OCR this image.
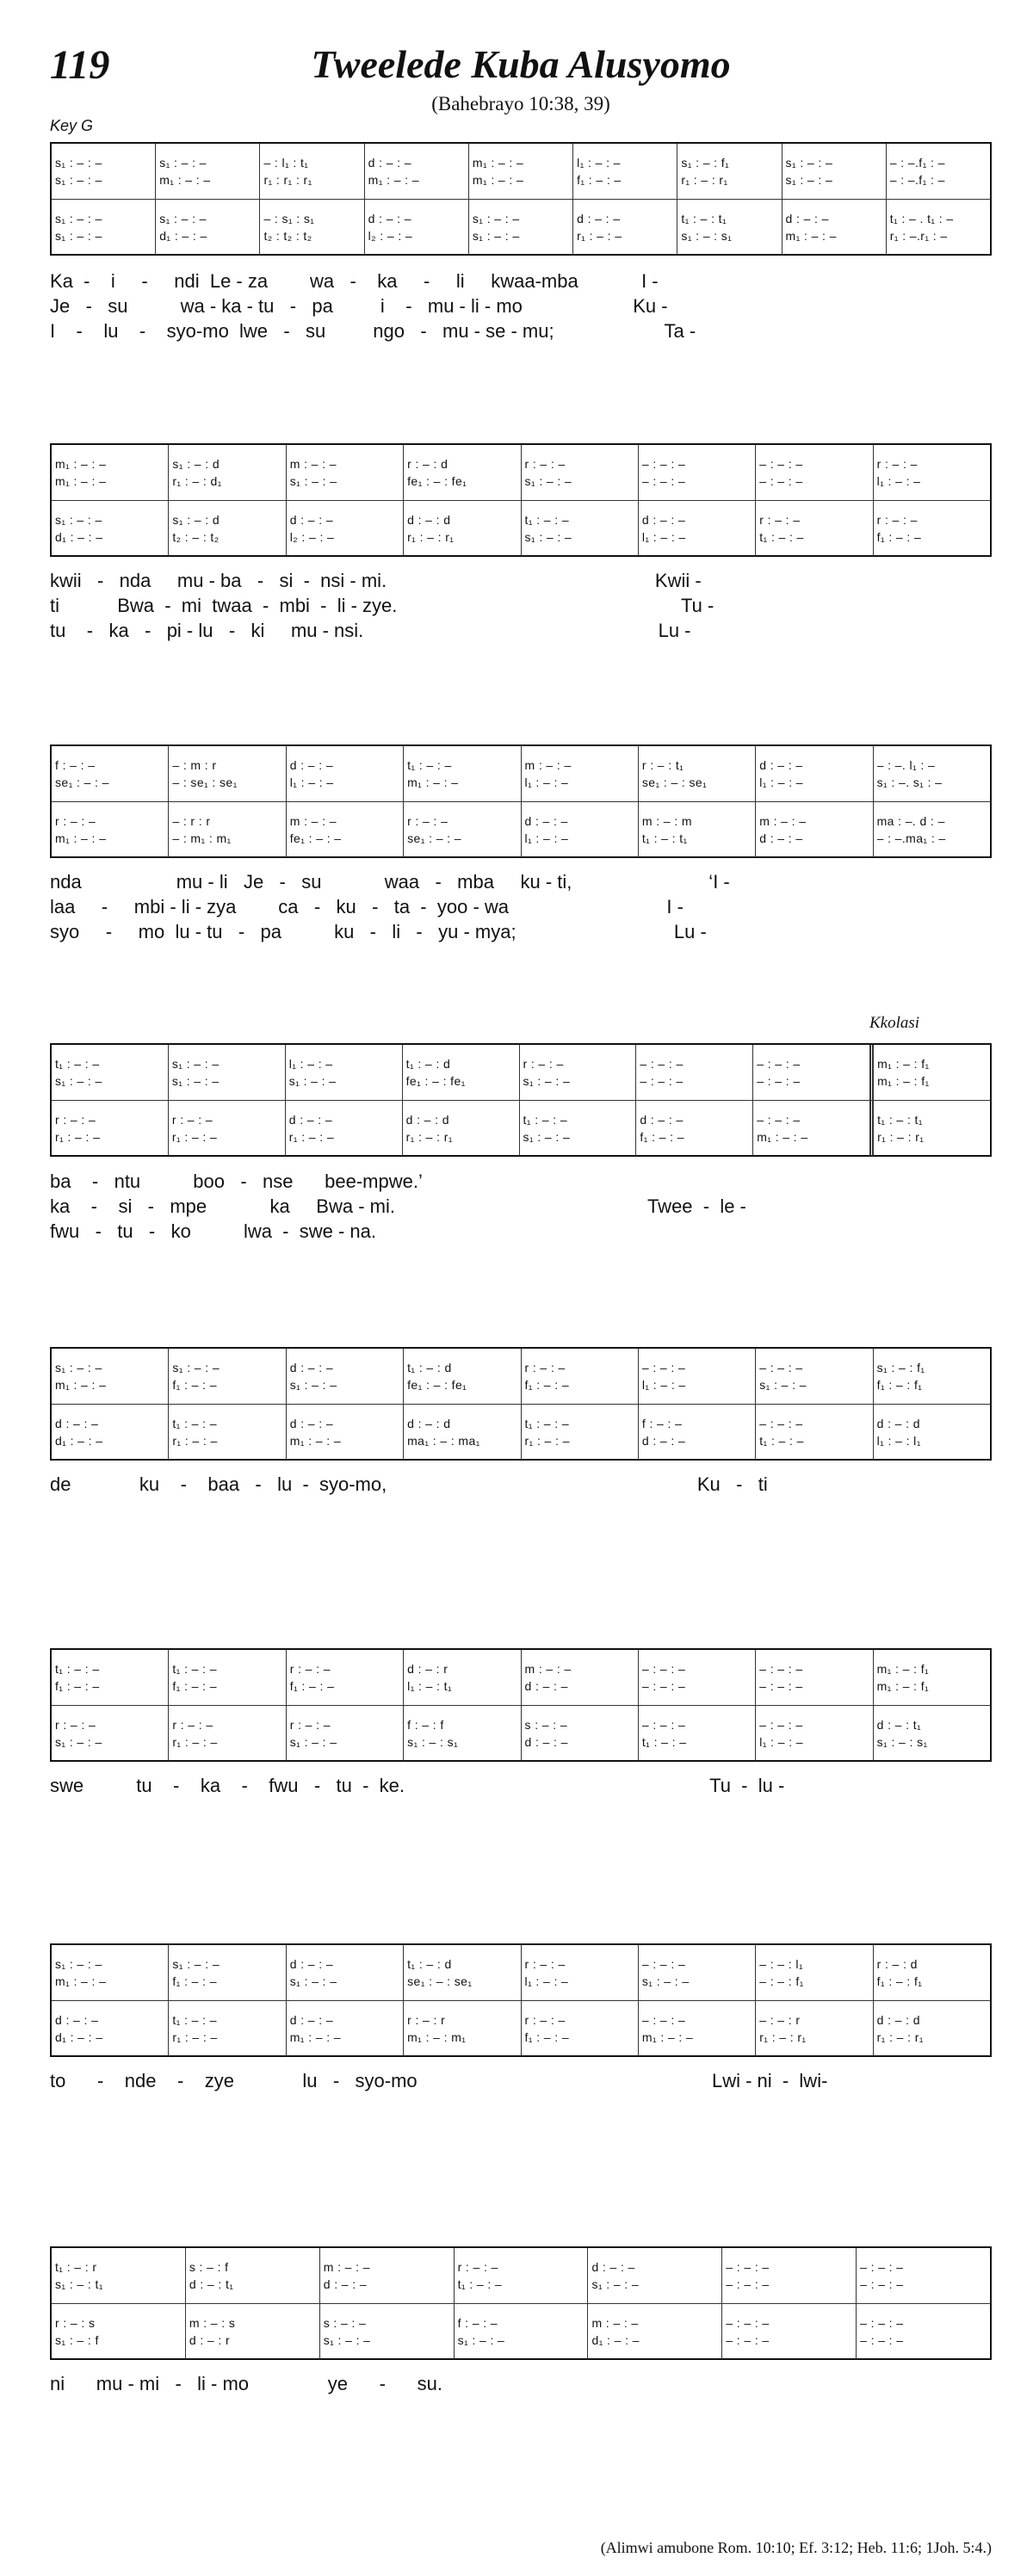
119	Tweelede Kuba Alusyomo
(Bahebrayo 10:38, 39)
Key G
Kkolasi
s₁ : – : –
s₁ : – : –
s₁ : – : –
m₁ : – : –
– : l₁ : t₁
r₁ : r₁ : r₁
d : – : –
m₁ : – : –
m₁ : – : –
m₁ : – : –
l₁ : – : –
f₁ : – : –
s₁ : – : f₁
r₁ : – : r₁
s₁ : – : –
s₁ : – : –
– : –.f₁ : –
– : –.f₁ : –
s₁ : – : –
s₁ : – : –
s₁ : – : –
d₁ : – : –
– : s₁ : s₁
t₂ : t₂ : t₂
d : – : –
l₂ : – : –
s₁ : – : –
s₁ : – : –
d : – : –
r₁ : – : –
t₁ : – : t₁
s₁ : – : s₁
d : – : –
m₁ : – : –
t₁ : – . t₁ : –
r₁ : –.r₁ : –
Ka  -    i     -     ndi  Le - za        wa   -    ka     -     li     kwaa-mba            I -
Je   -   su          wa - ka - tu   -   pa         i    -   mu - li - mo                     Ku -
I    -    lu    -    syo-mo  lwe   -   su         ngo   -   mu - se - mu;                     Ta -
m₁ : – : –
m₁ : – : –
s₁ : – : d
r₁ : – : d₁
m : – : –
s₁ : – : –
r : – : d
fe₁ : – : fe₁
r : – : –
s₁ : – : –
– : – : –
– : – : –
– : – : –
– : – : –
r : – : –
l₁ : – : –
s₁ : – : –
d₁ : – : –
s₁ : – : d
t₂ : – : t₂
d : – : –
l₂ : – : –
d : – : d
r₁ : – : r₁
t₁ : – : –
s₁ : – : –
d : – : –
l₁ : – : –
r : – : –
t₁ : – : –
r : – : –
f₁ : – : –
kwii   -   nda     mu - ba   -   si  -  nsi - mi.                                                   Kwii -
ti           Bwa  -  mi  twaa  -  mbi  -  li - zye.                                                      Tu -
tu    -   ka   -   pi - lu   -   ki     mu - nsi.                                                        Lu -
f : – : –
se₁ : – : –
– : m : r
– : se₁ : se₁
d : – : –
l₁ : – : –
t₁ : – : –
m₁ : – : –
m : – : –
l₁ : – : –
r : – : t₁
se₁ : – : se₁
d : – : –
l₁ : – : –
– : –. l₁ : –
s₁ : –. s₁ : –
r : – : –
m₁ : – : –
– : r : r
– : m₁ : m₁
m : – : –
fe₁ : – : –
r : – : –
se₁ : – : –
d : – : –
l₁ : – : –
m : – : m
t₁ : – : t₁
m : – : –
d : – : –
ma : –. d : –
– : –.ma₁ : –
nda                  mu - li   Je   -   su            waa   -   mba     ku - ti,                          ‘I -
laa     -     mbi - li - zya        ca   -   ku   -   ta  -  yoo - wa                              I -
syo     -     mo  lu - tu   -   pa          ku   -   li   -   yu - mya;                              Lu -
t₁ : – : –
s₁ : – : –
s₁ : – : –
s₁ : – : –
l₁ : – : –
s₁ : – : –
t₁ : – : d
fe₁ : – : fe₁
r : – : –
s₁ : – : –
– : – : –
– : – : –
– : – : –
– : – : –
m₁ : – : f₁
m₁ : – : f₁
r : – : –
r₁ : – : –
r : – : –
r₁ : – : –
d : – : –
r₁ : – : –
d : – : d
r₁ : – : r₁
t₁ : – : –
s₁ : – : –
d : – : –
f₁ : – : –
– : – : –
m₁ : – : –
t₁ : – : t₁
r₁ : – : r₁
ba    -   ntu          boo   -   nse      bee-mpwe.’
ka    -    si   -   mpe            ka     Bwa - mi.                                                Twee  -  le -
fwu   -   tu   -   ko          lwa  -  swe - na.
s₁ : – : –
m₁ : – : –
s₁ : – : –
f₁ : – : –
d : – : –
s₁ : – : –
t₁ : – : d
fe₁ : – : fe₁
r : – : –
f₁ : – : –
– : – : –
l₁ : – : –
– : – : –
s₁ : – : –
s₁ : – : f₁
f₁ : – : f₁
d : – : –
d₁ : – : –
t₁ : – : –
r₁ : – : –
d : – : –
m₁ : – : –
d : – : d
ma₁ : – : ma₁
t₁ : – : –
r₁ : – : –
f : – : –
d : – : –
– : – : –
t₁ : – : –
d : – : d
l₁ : – : l₁
de             ku    -    baa   -   lu  -  syo-mo,                                                           Ku   -   ti
t₁ : – : –
f₁ : – : –
t₁ : – : –
f₁ : – : –
r : – : –
f₁ : – : –
d : – : r
l₁ : – : t₁
m : – : –
d : – : –
– : – : –
– : – : –
– : – : –
– : – : –
m₁ : – : f₁
m₁ : – : f₁
r : – : –
s₁ : – : –
r : – : –
r₁ : – : –
r : – : –
s₁ : – : –
f : – : f
s₁ : – : s₁
s : – : –
d : – : –
– : – : –
t₁ : – : –
– : – : –
l₁ : – : –
d : – : t₁
s₁ : – : s₁
swe          tu    -    ka    -    fwu   -   tu  -  ke.                                                          Tu  -  lu -
s₁ : – : –
m₁ : – : –
s₁ : – : –
f₁ : – : –
d : – : –
s₁ : – : –
t₁ : – : d
se₁ : – : se₁
r : – : –
l₁ : – : –
– : – : –
s₁ : – : –
– : – : l₁
– : – : f₁
r : – : d
f₁ : – : f₁
d : – : –
d₁ : – : –
t₁ : – : –
r₁ : – : –
d : – : –
m₁ : – : –
r : – : r
m₁ : – : m₁
r : – : –
f₁ : – : –
– : – : –
m₁ : – : –
– : – : r
r₁ : – : r₁
d : – : d
r₁ : – : r₁
to      -    nde    -    zye             lu   -   syo-mo                                                        Lwi - ni  -  lwi-
t₁ : – : r
s₁ : – : t₁
s : – : f
d : – : t₁
m : – : –
d : – : –
r : – : –
t₁ : – : –
d : – : –
s₁ : – : –
– : – : –
– : – : –
– : – : –
– : – : –
r : – : s
s₁ : – : f
m : – : s
d : – : r
s : – : –
s₁ : – : –
f : – : –
s₁ : – : –
m : – : –
d₁ : – : –
– : – : –
– : – : –
– : – : –
– : – : –
ni      mu - mi   -   li - mo               ye      -      su.
(Alimwi amubone Rom. 10:10; Ef. 3:12; Heb. 11:6; 1Joh. 5:4.)
